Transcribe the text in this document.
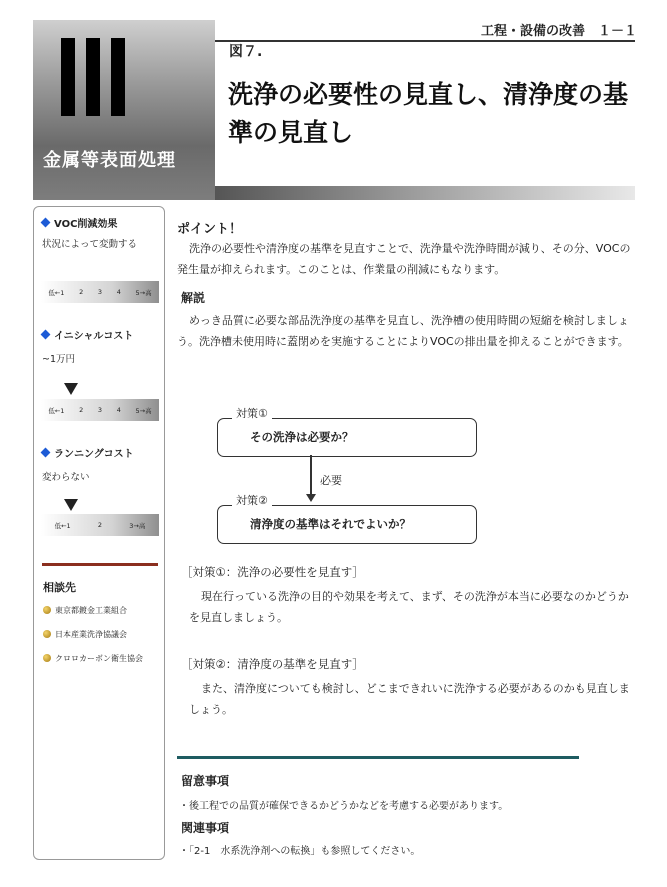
金属等表面処理
工程・設備の改善　１－１
図７.
洗浄の必要性の見直し、清浄度の基準の見直し
VOC削減効果
状況によって変動する
低←1 2 3 4 5→高
イニシャルコスト
~1万円
低←1 2 3 4 5→高
ランニングコスト
変わらない
低←1	2	3→高
相談先
東京都鍍金工業組合
日本産業洗浄協議会
クロロカーボン衛生協会
ポイント！
洗浄の必要性や清浄度の基準を見直すことで、洗浄量や洗浄時間が減り、その分、VOCの発生量が抑えられます。このことは、作業量の削減にもなります。
解説
めっき品質に必要な部品洗浄度の基準を見直し、洗浄槽の使用時間の短縮を検討しましょう。洗浄槽未使用時に蓋閉めを実施することによりVOCの排出量を抑えることができます。
対策①
その洗浄は必要か？
必要
対策②
清浄度の基準はそれでよいか？
［対策①：洗浄の必要性を見直す］
現在行っている洗浄の目的や効果を考えて、まず、その洗浄が本当に必要なのかどうかを見直しましょう。
［対策②：清浄度の基準を見直す］
また、清浄度についても検討し、どこまできれいに洗浄する必要があるのかも見直しましょう。
留意事項
・後工程での品質が確保できるかどうかなどを考慮する必要があります。
関連事項
・「2-1　水系洗浄剤への転換」も参照してください。
